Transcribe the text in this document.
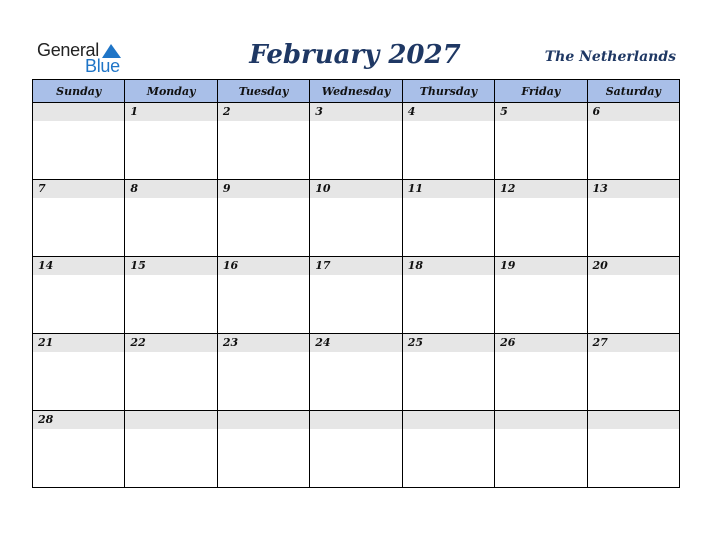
General
Blue	February 2027	The Netherlands
Sunday	Monday	Tuesday	Wednesday	Thursday	Friday	Saturday

	1	2	3	4	5	6

7	8	9	10	11	12	13

14	15	16	17	18	19	20

21	22	23	24	25	26	27

28						
